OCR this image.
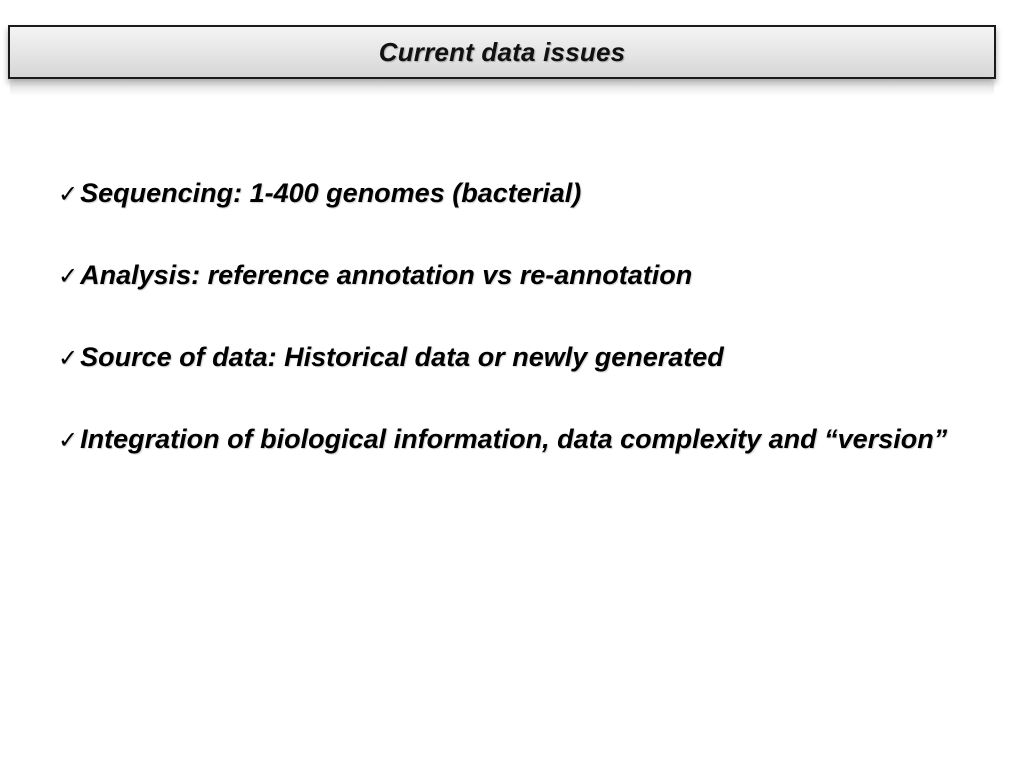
Current data issues
✓Sequencing: 1-400 genomes (bacterial)
✓Analysis: reference annotation vs re-annotation
✓Source of data: Historical data or newly generated
✓Integration of biological information, data complexity and “version”
